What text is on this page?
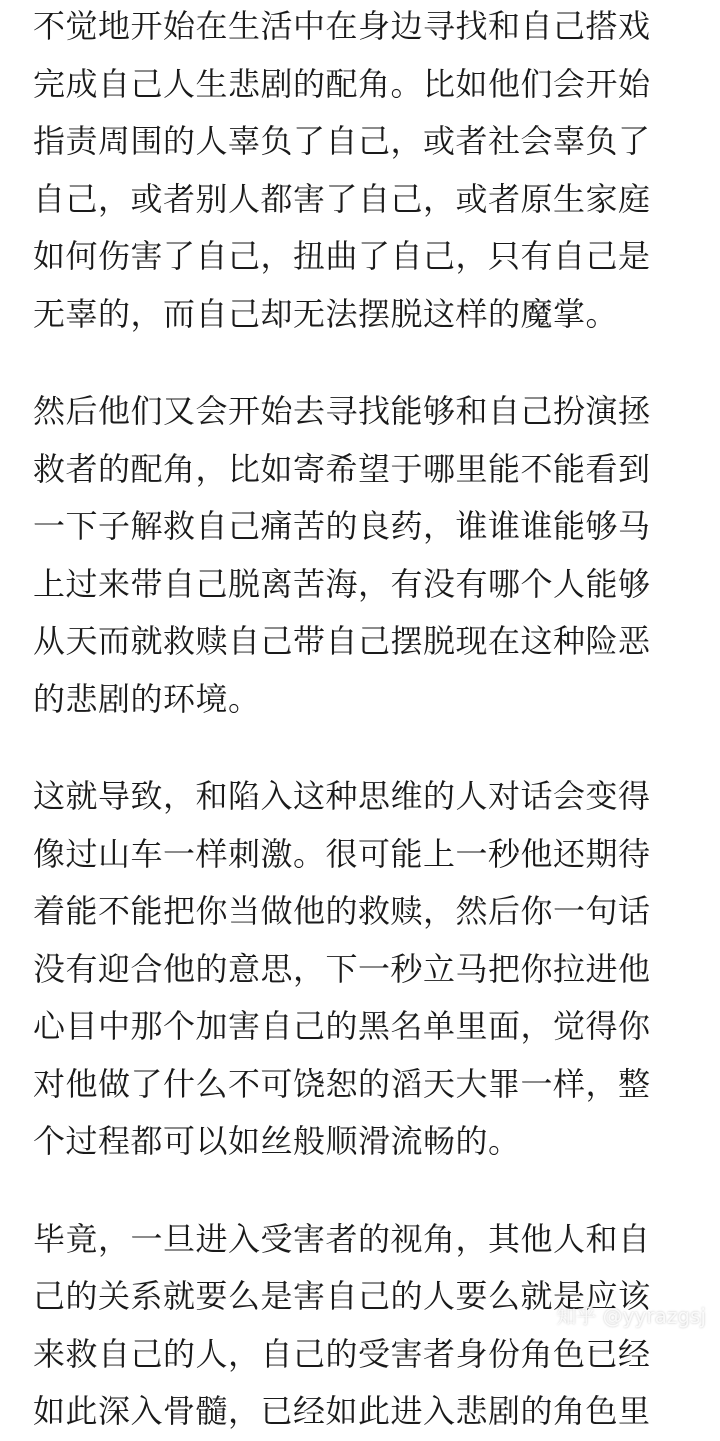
不觉地开始在生活中在身边寻找和自己搭戏
完成自己人生悲剧的配角。比如他们会开始
指责周围的人辜负了自己，或者社会辜负了
自己，或者别人都害了自己，或者原生家庭
如何伤害了自己，扭曲了自己，只有自己是
无辜的，而自己却无法摆脱这样的魔掌。
然后他们又会开始去寻找能够和自己扮演拯
救者的配角，比如寄希望于哪里能不能看到
一下子解救自己痛苦的良药，谁谁谁能够马
上过来带自己脱离苦海，有没有哪个人能够
从天而就救赎自己带自己摆脱现在这种险恶
的悲剧的环境。
这就导致，和陷入这种思维的人对话会变得
像过山车一样刺激。很可能上一秒他还期待
着能不能把你当做他的救赎，然后你一句话
没有迎合他的意思，下一秒立马把你拉进他
心目中那个加害自己的黑名单里面，觉得你
对他做了什么不可饶恕的滔天大罪一样，整
个过程都可以如丝般顺滑流畅的。
毕竟，一旦进入受害者的视角，其他人和自
己的关系就要么是害自己的人要么就是应该
来救自己的人，自己的受害者身份角色已经
如此深入骨髓，已经如此进入悲剧的角色里
知乎 @yyrazgsj
